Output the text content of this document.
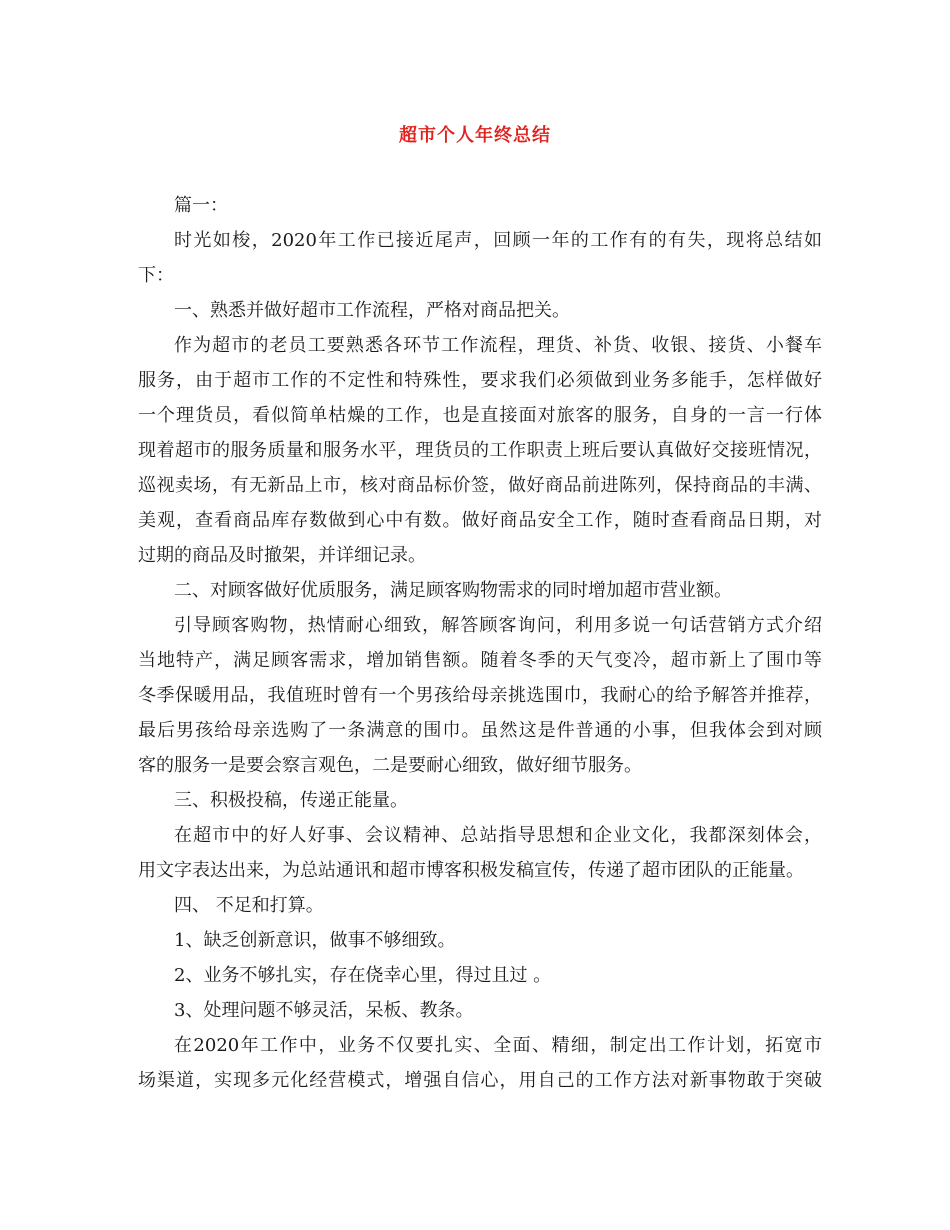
超市个人年终总结
篇一：
时光如梭，2020年工作已接近尾声，回顾一年的工作有的有失，现将总结如
下：
一、熟悉并做好超市工作流程，严格对商品把关。
作为超市的老员工要熟悉各环节工作流程，理货、补货、收银、接货、小餐车
服务，由于超市工作的不定性和特殊性，要求我们必须做到业务多能手，怎样做好
一个理货员，看似简单枯燥的工作，也是直接面对旅客的服务，自身的一言一行体
现着超市的服务质量和服务水平，理货员的工作职责上班后要认真做好交接班情况，
巡视卖场，有无新品上市，核对商品标价签，做好商品前进陈列，保持商品的丰满、
美观，查看商品库存数做到心中有数。做好商品安全工作，随时查看商品日期，对
过期的商品及时撤架，并详细记录。
二、对顾客做好优质服务，满足顾客购物需求的同时增加超市营业额。
引导顾客购物，热情耐心细致，解答顾客询问，利用多说一句话营销方式介绍
当地特产，满足顾客需求，增加销售额。随着冬季的天气变冷，超市新上了围巾等
冬季保暖用品，我值班时曾有一个男孩给母亲挑选围巾，我耐心的给予解答并推荐，
最后男孩给母亲选购了一条满意的围巾。虽然这是件普通的小事，但我体会到对顾
客的服务一是要会察言观色，二是要耐心细致，做好细节服务。
三、积极投稿，传递正能量。
在超市中的好人好事、会议精神、总站指导思想和企业文化，我都深刻体会，
用文字表达出来，为总站通讯和超市博客积极发稿宣传，传递了超市团队的正能量。
四、 不足和打算。
1、缺乏创新意识，做事不够细致。
2、业务不够扎实，存在侥幸心里，得过且过 。
3、处理问题不够灵活，呆板、教条。
在2020年工作中，业务不仅要扎实、全面、精细，制定出工作计划，拓宽市
场渠道，实现多元化经营模式，增强自信心，用自己的工作方法对新事物敢于突破
